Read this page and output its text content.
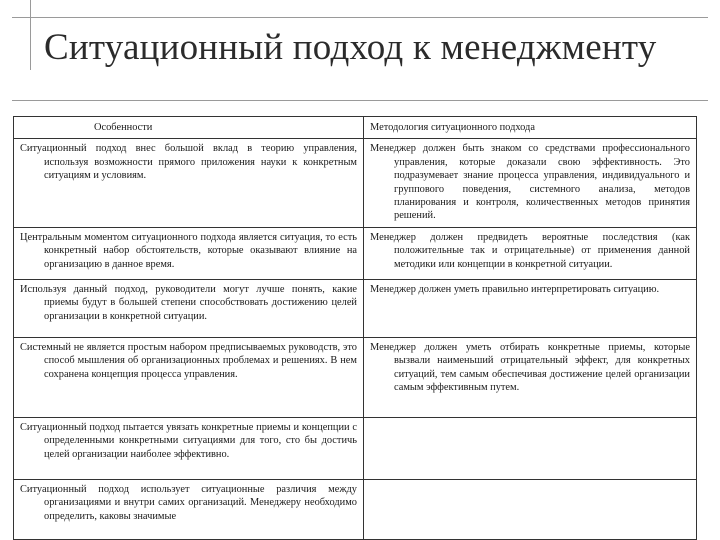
Ситуационный подход к менеджменту
Особенности	Методология ситуационного подхода

Ситуационный подход внес большой вклад в теорию управления, используя возможности прямого приложения науки к конкретным ситуациям и условиям.	Менеджер должен быть знаком со средствами профессионального управления, которые доказали свою эффективность. Это подразумевает знание процесса управления, индивидуального и группового поведения, системного анализа, методов планирования и контроля, количественных методов принятия решений.

Центральным моментом ситуационного подхода является ситуация, то есть конкретный набор обстоятельств, которые оказывают влияние на организацию в данное время.	Менеджер должен предвидеть вероятные последствия (как положительные так и отрицательные) от применения данной методики или концепции в конкретной ситуации.

Используя данный подход, руководители могут лучше понять, какие приемы будут в большей степени способствовать достижению целей организации в конкретной ситуации.	Менеджер должен уметь правильно интерпретировать ситуацию.

Системный не является простым набором предписываемых руководств, это способ мышления об организационных проблемах и решениях. В нем сохранена концепция процесса управления.	Менеджер должен уметь отбирать конкретные приемы, которые вызвали наименьший отрицательный эффект, для конкретных ситуаций, тем самым обеспечивая достижение целей организации самым эффективным путем.

Ситуационный подход пытается увязать конкретные приемы и концепции с определенными конкретными ситуациями для того, сто бы достичь целей организации наиболее эффективно.	

Ситуационный подход использует ситуационные различия между организациями и внутри самих организаций. Менеджеру необходимо определить, каковы значимые	
